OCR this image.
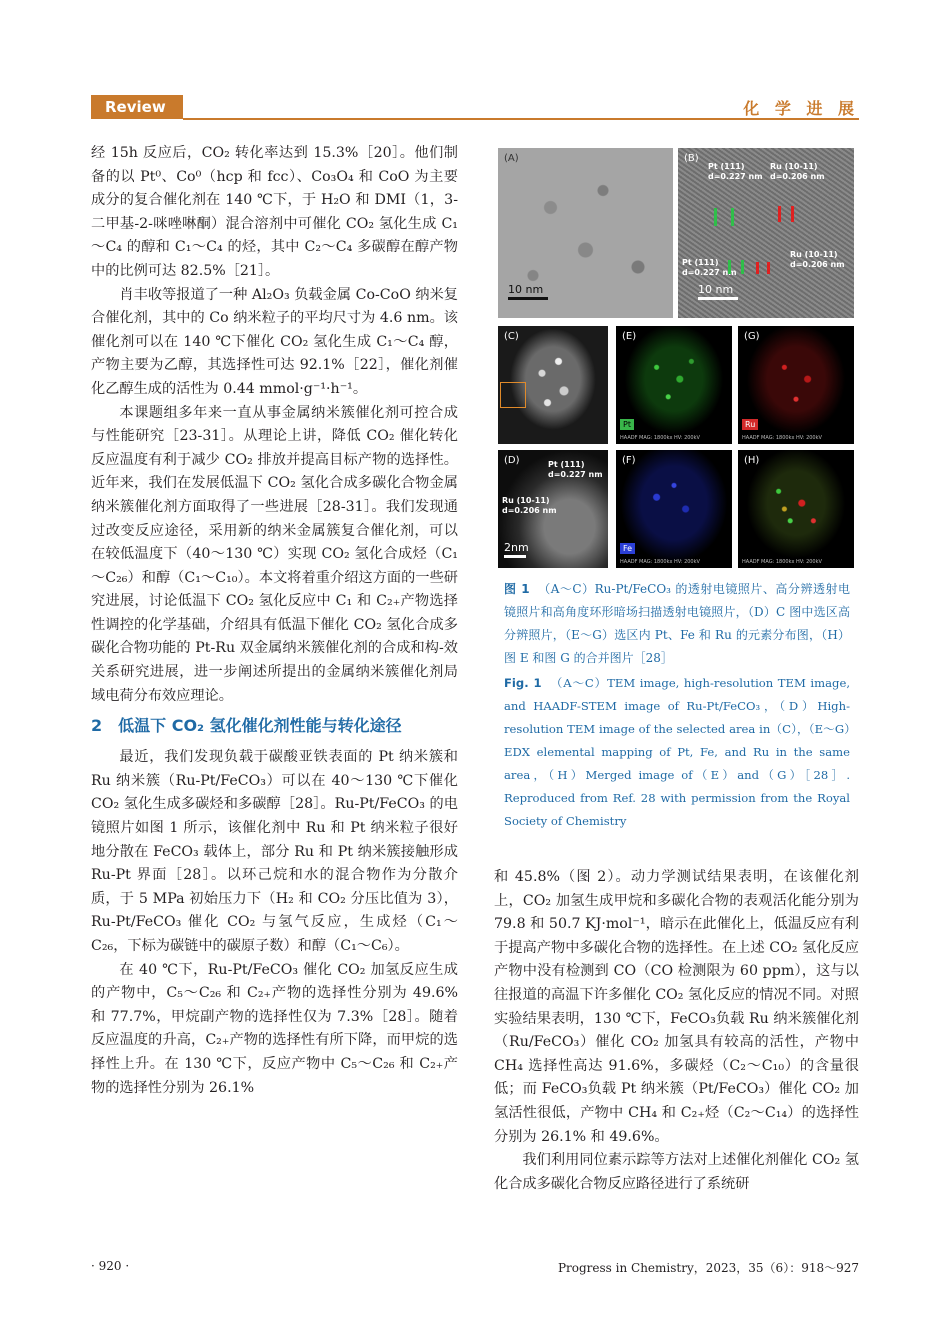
Review	化 学 进 展

经 15h 反应后，CO₂ 转化率达到 15.3%［20］。他们制备的以 Pt⁰、Co⁰（hcp 和 fcc）、Co₃O₄ 和 CoO 为主要成分的复合催化剂在 140 ℃下，于 H₂O 和 DMI（1，3-二甲基-2-咪唑啉酮）混合溶剂中可催化 CO₂ 氢化生成 C₁～C₄ 的醇和 C₁～C₄ 的烃，其中 C₂～C₄ 多碳醇在醇产物中的比例可达 82.5%［21］。

肖丰收等报道了一种 Al₂O₃ 负载金属 Co-CoO 纳米复合催化剂，其中的 Co 纳米粒子的平均尺寸为 4.6 nm。该催化剂可以在 140 ℃下催化 CO₂ 氢化生成 C₁～C₄ 醇，产物主要为乙醇，其选择性可达 92.1%［22］，催化剂催化乙醇生成的活性为 0.44 mmol·g⁻¹·h⁻¹。

本课题组多年来一直从事金属纳米簇催化剂可控合成与性能研究［23-31］。从理论上讲，降低 CO₂ 催化转化反应温度有利于减少 CO₂ 排放并提高目标产物的选择性。近年来，我们在发展低温下 CO₂ 氢化合成多碳化合物金属纳米簇催化剂方面取得了一些进展［28-31］。我们发现通过改变反应途径，采用新的纳米金属簇复合催化剂，可以在较低温度下（40～130 ℃）实现 CO₂ 氢化合成烃（C₁～C₂₆）和醇（C₁～C₁₀）。本文将着重介绍这方面的一些研究进展，讨论低温下 CO₂ 氢化反应中 C₁ 和 C₂₊产物选择性调控的化学基础，介绍具有低温下催化 CO₂ 氢化合成多碳化合物功能的 Pt-Ru 双金属纳米簇催化剂的合成和构-效关系研究进展，进一步阐述所提出的金属纳米簇催化剂局域电荷分布效应理论。

2　低温下 CO₂ 氢化催化剂性能与转化途径

最近，我们发现负载于碳酸亚铁表面的 Pt 纳米簇和 Ru 纳米簇（Ru-Pt/FeCO₃）可以在 40～130 ℃下催化 CO₂ 氢化生成多碳烃和多碳醇［28］。Ru-Pt/FeCO₃ 的电镜照片如图 1 所示，该催化剂中 Ru 和 Pt 纳米粒子很好地分散在 FeCO₃ 载体上，部分 Ru 和 Pt 纳米簇接触形成 Ru-Pt 界面［28］。以环己烷和水的混合物作为分散介质，于 5 MPa 初始压力下（H₂ 和 CO₂ 分压比值为 3），Ru-Pt/FeCO₃ 催化 CO₂ 与氢气反应，生成烃（C₁～C₂₆，下标为碳链中的碳原子数）和醇（C₁～C₆）。

在 40 ℃下，Ru-Pt/FeCO₃ 催化 CO₂ 加氢反应生成的产物中，C₅～C₂₆ 和 C₂₊产物的选择性分别为 49.6% 和 77.7%，甲烷副产物的选择性仅为 7.3%［28］。随着反应温度的升高，C₂₊产物的选择性有所下降，而甲烷的选择性上升。在 130 ℃下，反应产物中 C₅～C₂₆ 和 C₂₊产物的选择性分别为 26.1%

(A)
10 nm
(B)
Pt (111)
d=0.227 nm
Ru (10-11)
d=0.206 nm
Pt (111)
d=0.227 nm
Ru (10-11)
d=0.206 nm
10 nm
(C)	(E)
Pt
HAADF MAG: 1800kx HV: 200kV
(G)
Ru
HAADF MAG: 1800kx HV: 200kV
(D)	Pt (111)
d=0.227 nm
Ru (10-11)
d=0.206 nm
2nm
(F)
Fe
HAADF MAG: 1800kx HV: 200kV
(H)
HAADF MAG: 1800kx HV: 200kV
图 1 （A～C）Ru-Pt/FeCO₃ 的透射电镜照片、高分辨透射电镜照片和高角度环形暗场扫描透射电镜照片，（D）C 图中选区高分辨照片，（E～G）选区内 Pt、Fe 和 Ru 的元素分布图，（H）图 E 和图 G 的合并图片［28］
Fig. 1 （A～C）TEM image, high-resolution TEM image, and HAADF-STEM image of Ru-Pt/FeCO₃，（D）High-resolution TEM image of the selected area in（C），（E～G）EDX elemental mapping of Pt, Fe, and Ru in the same area，（H）Merged image of（E）and（G）［28］. Reproduced from Ref. 28 with permission from the Royal Society of Chemistry

和 45.8%（图 2）。动力学测试结果表明，在该催化剂上，CO₂ 加氢生成甲烷和多碳化合物的表观活化能分别为 79.8 和 50.7 KJ·mol⁻¹，暗示在此催化上，低温反应有利于提高产物中多碳化合物的选择性。在上述 CO₂ 氢化反应产物中没有检测到 CO（CO 检测限为 60 ppm），这与以往报道的高温下许多催化 CO₂ 氢化反应的情况不同。对照实验结果表明，130 ℃下，FeCO₃负载 Ru 纳米簇催化剂（Ru/FeCO₃）催化 CO₂ 加氢具有较高的活性，产物中 CH₄ 选择性高达 91.6%，多碳烃（C₂～C₁₀）的含量很低；而 FeCO₃负载 Pt 纳米簇（Pt/FeCO₃）催化 CO₂ 加氢活性很低，产物中 CH₄ 和 C₂₊烃（C₂～C₁₄）的选择性分别为 26.1% 和 49.6%。

我们利用同位素示踪等方法对上述催化剂催化 CO₂ 氢化合成多碳化合物反应路径进行了系统研

· 920 ·	Progress in Chemistry，2023，35（6）：918～927
